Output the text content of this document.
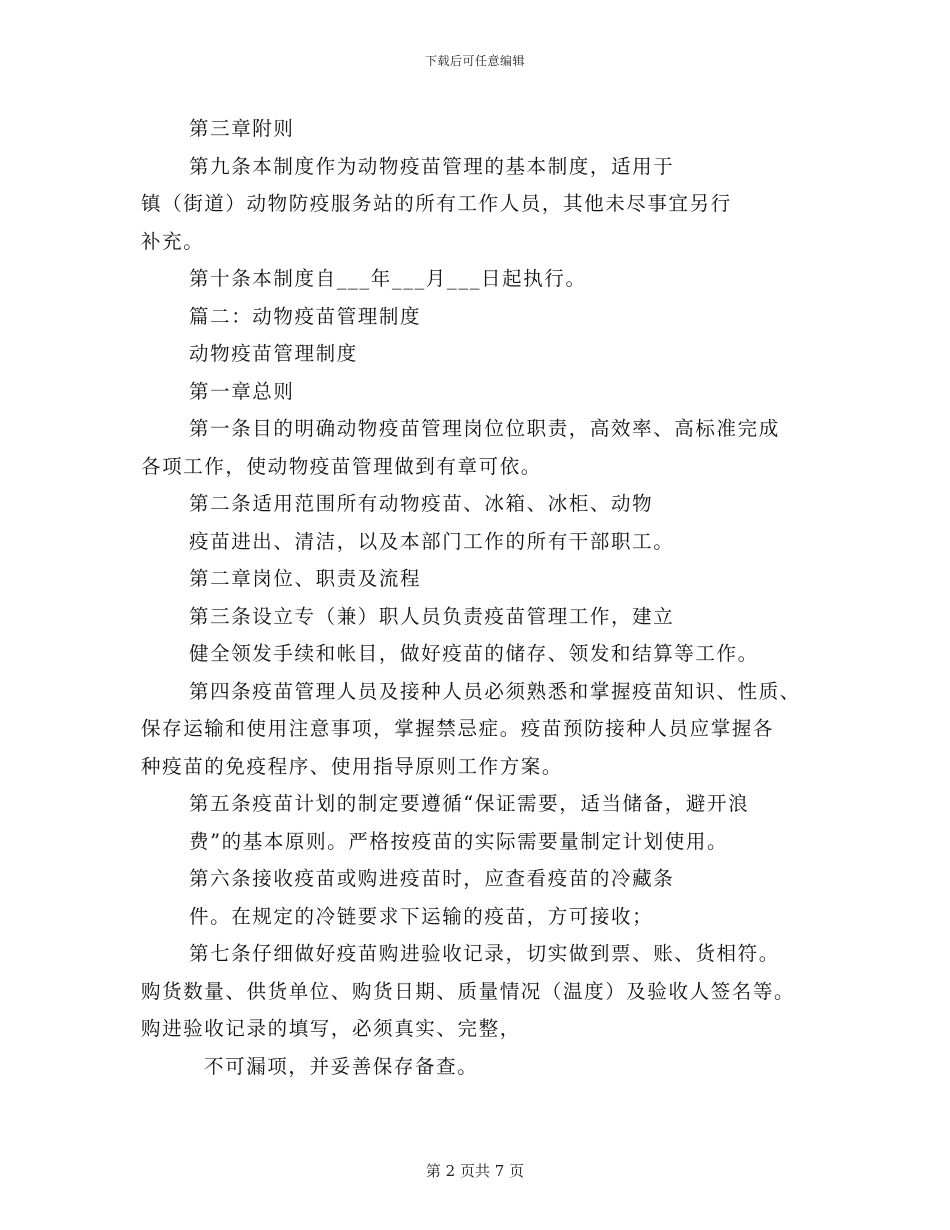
下载后可任意编辑
第三章附则
第九条本制度作为动物疫苗管理的基本制度，适用于
镇（街道）动物防疫服务站的所有工作人员，其他未尽事宜另行
补充。
第十条本制度自___年___月___日起执行。
篇二：动物疫苗管理制度
动物疫苗管理制度
第一章总则
第一条目的明确动物疫苗管理岗位位职责，高效率、高标准完成
各项工作，使动物疫苗管理做到有章可依。
第二条适用范围所有动物疫苗、冰箱、冰柜、动物
疫苗进出、清洁，以及本部门工作的所有干部职工。
第二章岗位、职责及流程
第三条设立专（兼）职人员负责疫苗管理工作，建立
健全领发手续和帐目，做好疫苗的储存、领发和结算等工作。
第四条疫苗管理人员及接种人员必须熟悉和掌握疫苗知识、性质、
保存运输和使用注意事项，掌握禁忌症。疫苗预防接种人员应掌握各
种疫苗的免疫程序、使用指导原则工作方案。
第五条疫苗计划的制定要遵循“保证需要，适当储备，避开浪
费”的基本原则。严格按疫苗的实际需要量制定计划使用。
第六条接收疫苗或购进疫苗时，应查看疫苗的冷藏条
件。在规定的冷链要求下运输的疫苗，方可接收；
第七条仔细做好疫苗购进验收记录，切实做到票、账、货相符。
购货数量、供货单位、购货日期、质量情况（温度）及验收人签名等。
购进验收记录的填写，必须真实、完整，
不可漏项，并妥善保存备查。
第 2 页共 7 页
